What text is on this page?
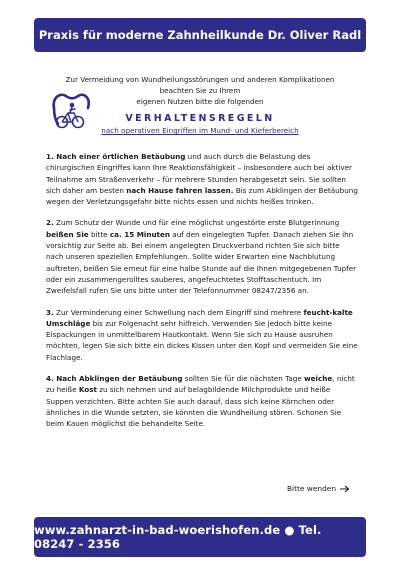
Praxis für moderne Zahnheilkunde Dr. Oliver Radl
Zur Vermeidung von Wundheilungsstörungen und anderen Komplikationen
beachten Sie zu Ihrem
eigenen Nutzen bitte die folgenden
VERHALTENSREGELN
nach operativen Eingriffen im Mund- und Kieferbereich

1. Nach einer örtlichen Betäubung und auch durch die Belastung des chirurgischen Eingriffes kann Ihre Reaktionsfähigkeit – insbesondere auch bei aktiver Teilnahme am Straßenverkehr – für mehrere Stunden herabgesetzt sein. Sie sollten sich daher am besten nach Hause fahren lassen. Bis zum Abklingen der Betäubung wegen der Verletzungsgefahr bitte nichts essen und nichts heißes trinken.

2. Zum Schutz der Wunde und für eine möglichst ungestörte erste Blutgerinnung beißen Sie bitte ca. 15 Minuten auf den eingelegten Tupfer. Danach ziehen Sie ihn vorsichtig zur Seite ab. Bei einem angelegten Druckverband richten Sie sich bitte nach unseren speziellen Empfehlungen. Sollte wider Erwarten eine Nachblutung auftreten, beißen Sie erneut für eine halbe Stunde auf die Ihnen mitgegebenen Tupfer oder ein zusammengerolltes sauberes, angefeuchtetes Stofftaschentuch. Im Zweifelsfall rufen Sie uns bitte unter der Telefonnummer 08247/2356 an.

3. Zur Verminderung einer Schwellung nach dem Eingriff sind mehrere feucht-kalte Umschläge bis zur Folgenacht sehr hilfreich. Verwenden Sie jedoch bitte keine Eispackungen in unmittelbarem Hautkontakt. Wenn Sie sich zu Hause ausruhen möchten, legen Sie sich bitte ein dickes Kissen unter den Kopf und vermeiden Sie eine Flachlage.

4. Nach Abklingen der Betäubung sollten Sie für die nächsten Tage weiche, nicht zu heiße Kost zu sich nehmen und auf belagbildende Milchprodukte und heiße Suppen verzichten. Bitte achten Sie auch darauf, dass sich keine Körnchen oder ähnliches in die Wunde setzten, sie könnten die Wundheilung stören. Schonen Sie beim Kauen möglichst die behandelte Seite.

Bitte wenden
www.zahnarzt-in-bad-woerishofen.de ● Tel. 08247 - 2356
